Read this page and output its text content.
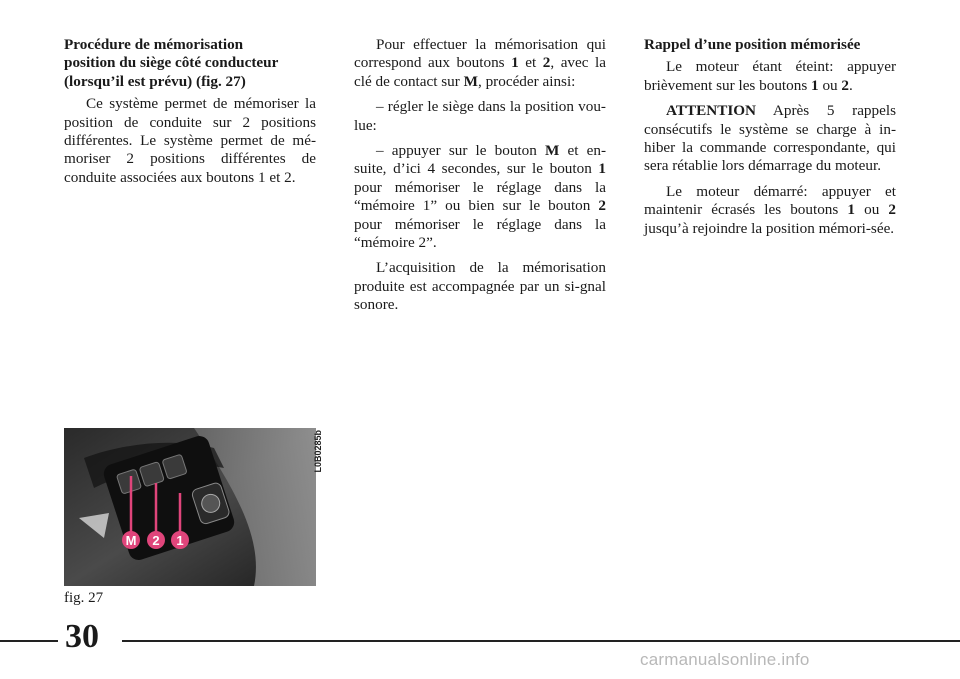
Procédure de mémorisation
position du siège côté conducteur
(lorsqu’il est prévu) (fig. 27)

Ce système permet de mémoriser la position de conduite sur 2 positions différentes. Le système permet de mé-moriser 2 positions différentes de conduite associées aux boutons 1 et 2.

Pour effectuer la mémorisation qui correspond aux boutons 1 et 2, avec la clé de contact sur M, procéder ainsi:

– régler le siège dans la position vou-lue:

– appuyer sur le bouton M et en-suite, d’ici 4 secondes, sur le bouton 1 pour mémoriser le réglage dans la “mémoire 1” ou bien sur le bouton 2 pour mémoriser le réglage dans la “mémoire 2”.

L’acquisition de la mémorisation produite est accompagnée par un si-gnal sonore.

Rappel d’une position mémorisée

Le moteur étant éteint: appuyer brièvement sur les boutons 1 ou 2.

ATTENTION Après 5 rappels consécutifs le système se charge à in-hiber la commande correspondante, qui sera rétablie lors démarrage du moteur.

Le moteur démarré: appuyer et maintenir écrasés les boutons 1 ou 2 jusqu’à rejoindre la position mémori-sée.

M 2 1
L0B0285b
fig. 27
30
carmanualsonline.info
